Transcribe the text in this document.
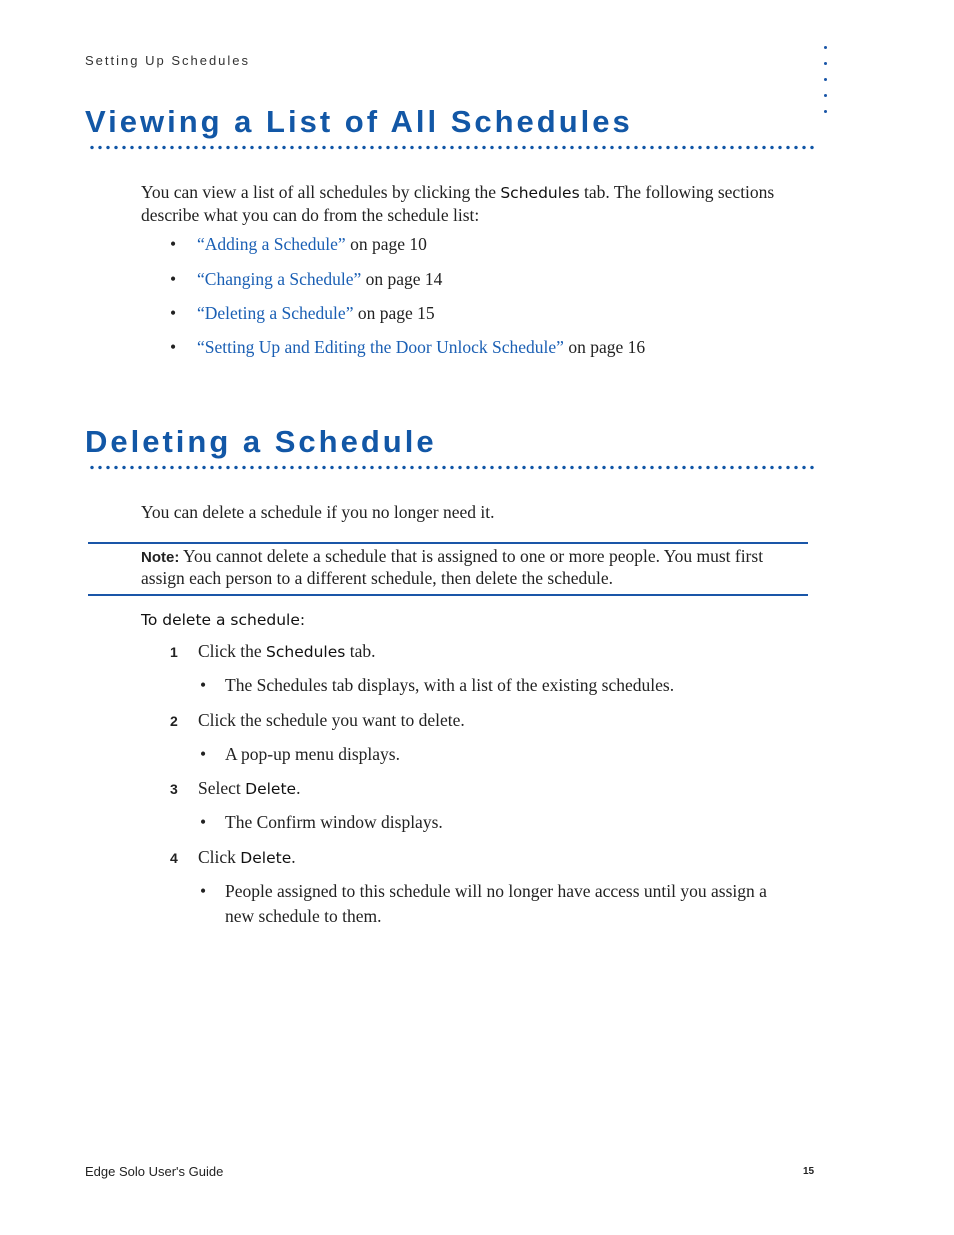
Setting Up Schedules
Viewing a List of All Schedules
You can view a list of all schedules by clicking the Schedules tab. The following sections describe what you can do from the schedule list:
• “Adding a Schedule” on page 10
• “Changing a Schedule” on page 14
• “Deleting a Schedule” on page 15
• “Setting Up and Editing the Door Unlock Schedule” on page 16
Deleting a Schedule
You can delete a schedule if you no longer need it.
Note: You cannot delete a schedule that is assigned to one or more people. You must first assign each person to a different schedule, then delete the schedule.
To delete a schedule:
1 Click the Schedules tab.
• The Schedules tab displays, with a list of the existing schedules.
2 Click the schedule you want to delete.
• A pop-up menu displays.
3 Select Delete.
• The Confirm window displays.
4 Click Delete.
• People assigned to this schedule will no longer have access until you assign a new schedule to them.
Edge Solo User's Guide	15
